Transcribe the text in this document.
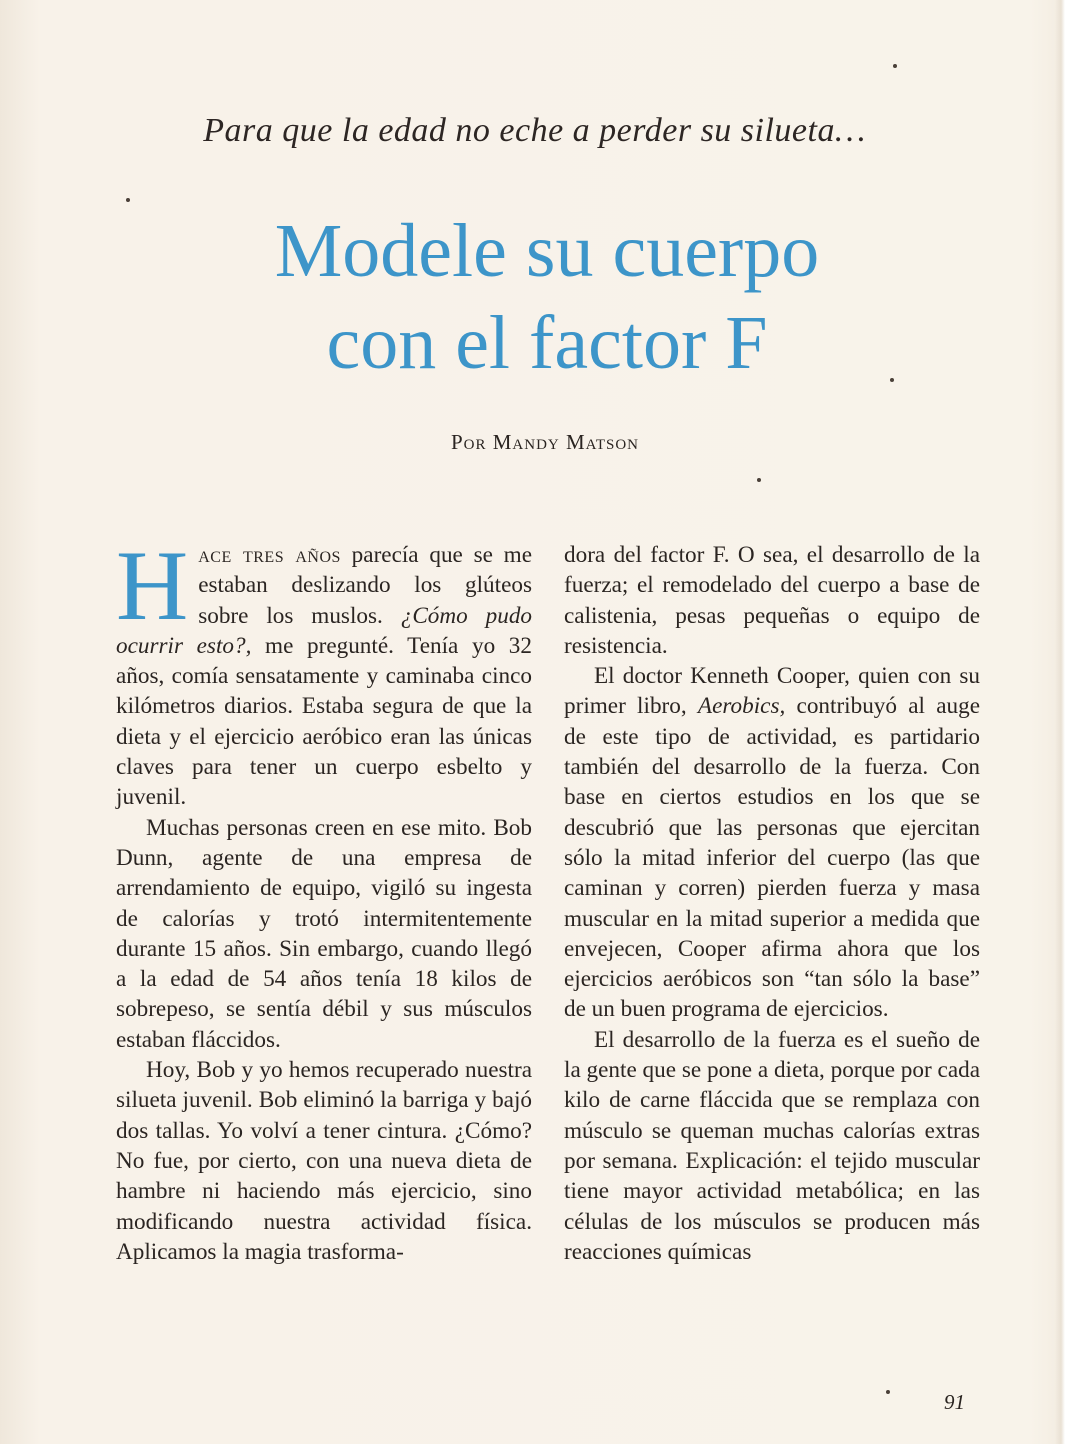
Para que la edad no eche a perder su silueta…
Modele su cuerpo
con el factor F
Por Mandy Matson

Hace tres años parecía que se me estaban deslizando los glúteos sobre los muslos. ¿Cómo pudo ocurrir esto?, me pregunté. Tenía yo 32 años, comía sensatamente y caminaba cinco kilómetros diarios. Estaba segura de que la dieta y el ejercicio aeróbico eran las únicas claves para tener un cuerpo esbelto y juvenil.

Muchas personas creen en ese mito. Bob Dunn, agente de una empresa de arrendamiento de equipo, vigiló su ingesta de calorías y trotó intermitentemente durante 15 años. Sin embargo, cuando llegó a la edad de 54 años tenía 18 kilos de sobrepeso, se sentía débil y sus músculos estaban fláccidos.

Hoy, Bob y yo hemos recuperado nuestra silueta juvenil. Bob eliminó la barriga y bajó dos tallas. Yo volví a tener cintura. ¿Cómo? No fue, por cierto, con una nueva dieta de hambre ni haciendo más ejercicio, sino modificando nuestra actividad física. Aplicamos la magia trasforma-

dora del factor F. O sea, el desarrollo de la fuerza; el remodelado del cuerpo a base de calistenia, pesas pequeñas o equipo de resistencia.

El doctor Kenneth Cooper, quien con su primer libro, Aerobics, contribuyó al auge de este tipo de actividad, es partidario también del desarrollo de la fuerza. Con base en ciertos estudios en los que se descubrió que las personas que ejercitan sólo la mitad inferior del cuerpo (las que caminan y corren) pierden fuerza y masa muscular en la mitad superior a medida que envejecen, Cooper afirma ahora que los ejercicios aeróbicos son “tan sólo la base” de un buen programa de ejercicios.

El desarrollo de la fuerza es el sueño de la gente que se pone a dieta, porque por cada kilo de carne fláccida que se remplaza con músculo se queman muchas calorías extras por semana. Explicación: el tejido muscular tiene mayor actividad metabólica; en las células de los músculos se producen más reacciones químicas

91
